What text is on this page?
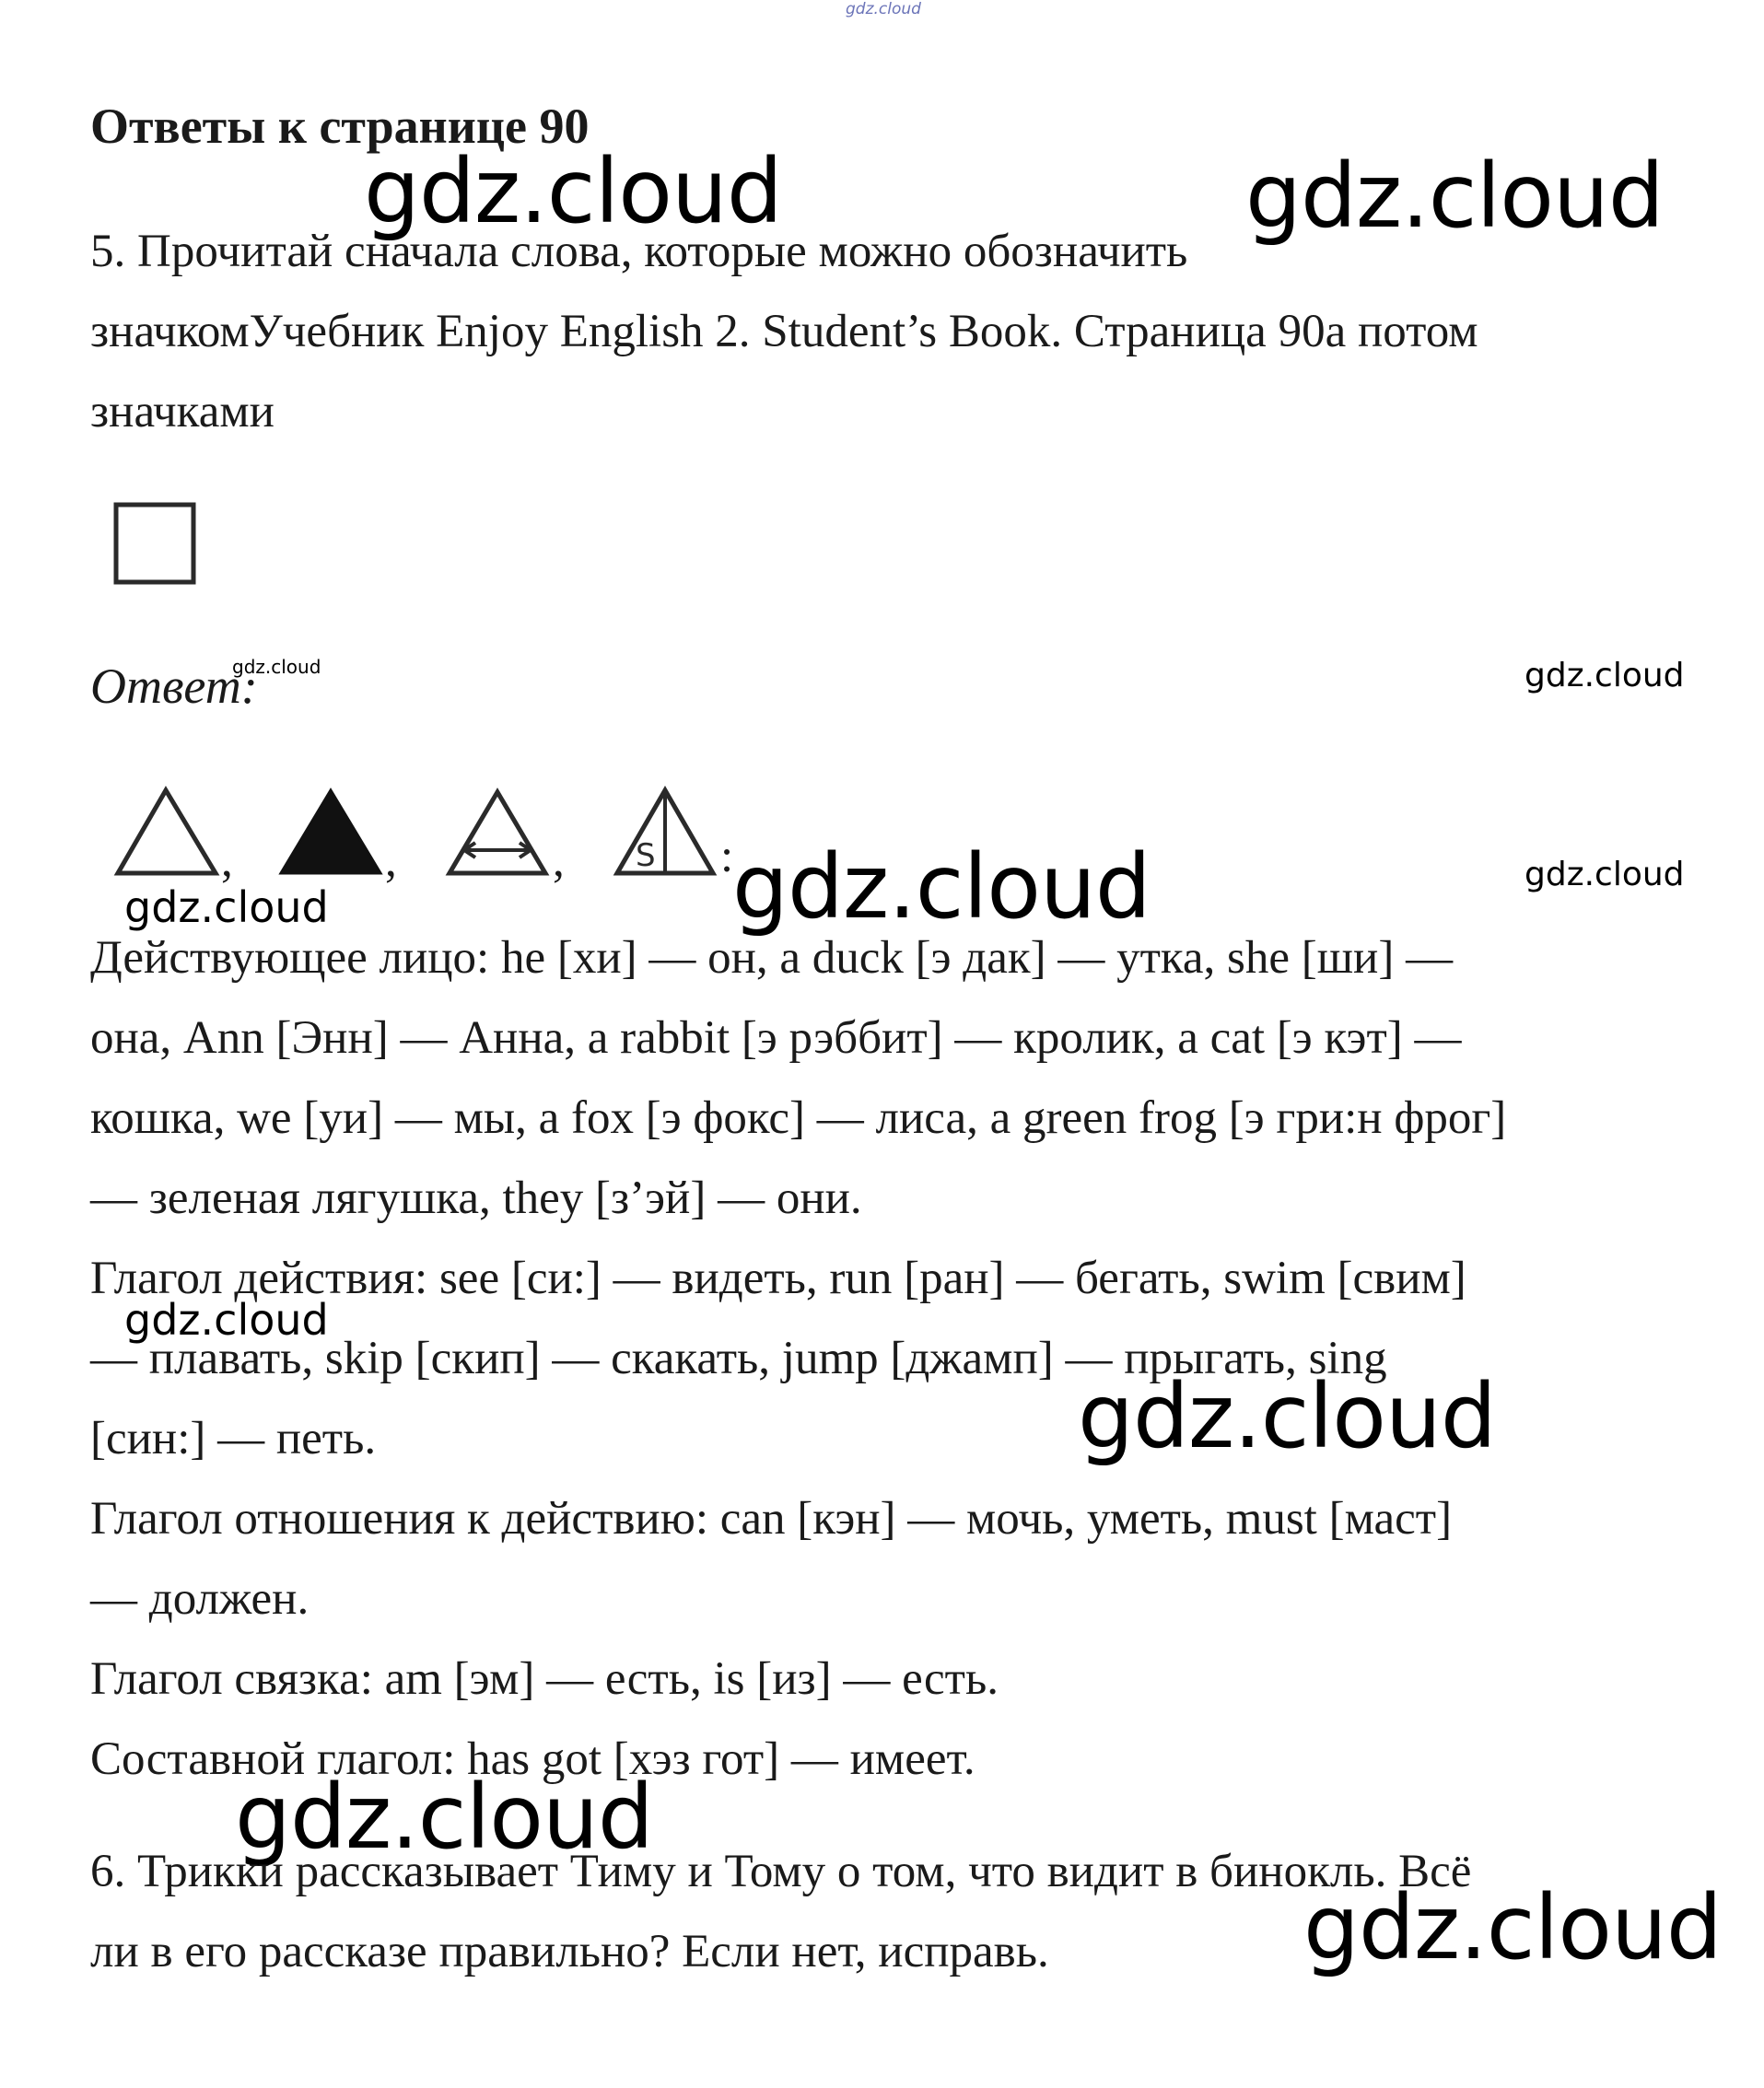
gdz.cloud
Ответы к странице 90
gdz.cloud	gdz.cloud
5. Прочитай сначала слова, которые можно обозначить
значкомУчебник Enjoy English 2. Student’s Book. Страница 90а потом
значками
Ответ:
gdz.cloud	gdz.cloud
,	,	, S :
gdz.cloud	gdz.cloud
gdz.cloud
Действующее лицо: he [хи] — он, a duck [э дак] — утка, she [ши] —
она, Ann [Энн] — Анна, a rabbit [э рэббит] — кролик, a cat [э кэт] —
кошка, we [уи] — мы, a fox [э фокс] — лиса, a green frog [э гри:н фрог]
— зеленая лягушка, they [з’эй] — они.
Глагол действия: see [си:] — видеть, run [ран] — бегать, swim [свим]
gdz.cloud
— плавать, skip [скип] — скакать, jump [джамп] — прыгать, sing
[син:] — петь.	gdz.cloud
Глагол отношения к действию: can [кэн] — мочь, уметь, must [маст]
— должен.
Глагол связка: am [эм] — есть, is [из] — есть.
Составной глагол: has got [хэз гот] — имеет.
gdz.cloud
6. Трикки рассказывает Тиму и Тому о том, что видит в бинокль. Всё
ли в его рассказе правильно? Если нет, исправь.	gdz.cloud
